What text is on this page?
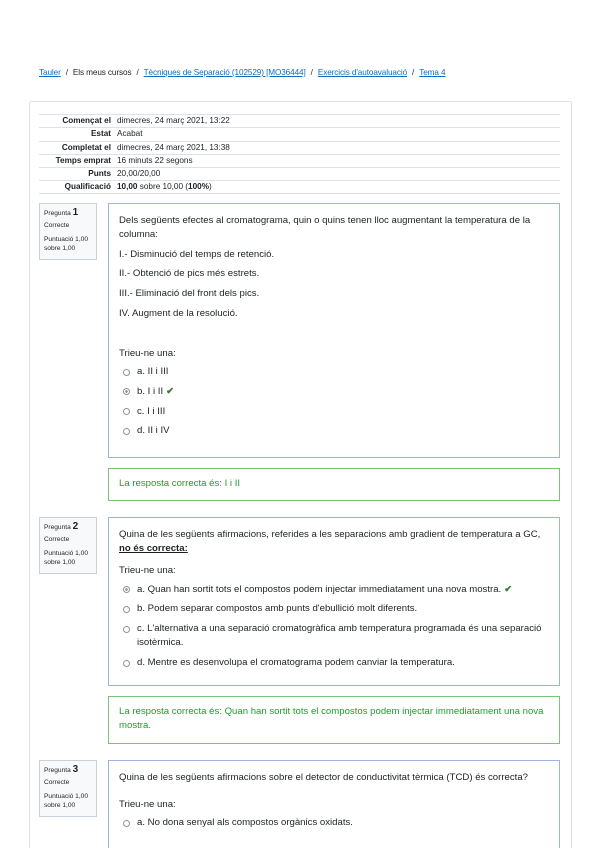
Tauler / Els meus cursos / Tècniques de Separació (102529) [MO36444] / Exercicis d'autoavaluació / Tema 4
Començat el dimecres, 24 març 2021, 13:22
Estat Acabat
Completat el dimecres, 24 març 2021, 13:38
Temps emprat 16 minuts 22 segons
Punts 20,00/20,00
Qualificació 10,00 sobre 10,00 (100%)
Pregunta 1
Correcte
Puntuació 1,00 sobre 1,00

Dels següents efectes al cromatograma, quin o quins tenen lloc augmentant la temperatura de la columna:

I.- Disminució del temps de retenció.

II.- Obtenció de pics més estrets.

III.- Eliminació del front dels pics.

IV. Augment de la resolució.

Trieu-ne una:

a. II i III
b. I i II ✔
c. I i III
d. II i IV
La resposta correcta és: I i II
Pregunta 2
Correcte
Puntuació 1,00 sobre 1,00

Quina de les següents afirmacions, referides a les separacions amb gradient de temperatura a GC, no és correcta:

Trieu-ne una:

a. Quan han sortit tots el compostos podem injectar immediatament una nova mostra. ✔
b. Podem separar compostos amb punts d'ebullició molt diferents.
c. L'alternativa a una separació cromatogràfica amb temperatura programada és una separació isotèrmica.
d. Mentre es desenvolupa el cromatograma podem canviar la temperatura.
La resposta correcta és: Quan han sortit tots el compostos podem injectar immediatament una nova mostra.
Pregunta 3
Correcte
Puntuació 1,00 sobre 1,00

Quina de les següents afirmacions sobre el detector de conductivitat tèrmica (TCD) és correcta?

Trieu-ne una:

a. No dona senyal als compostos orgànics oxidats.
